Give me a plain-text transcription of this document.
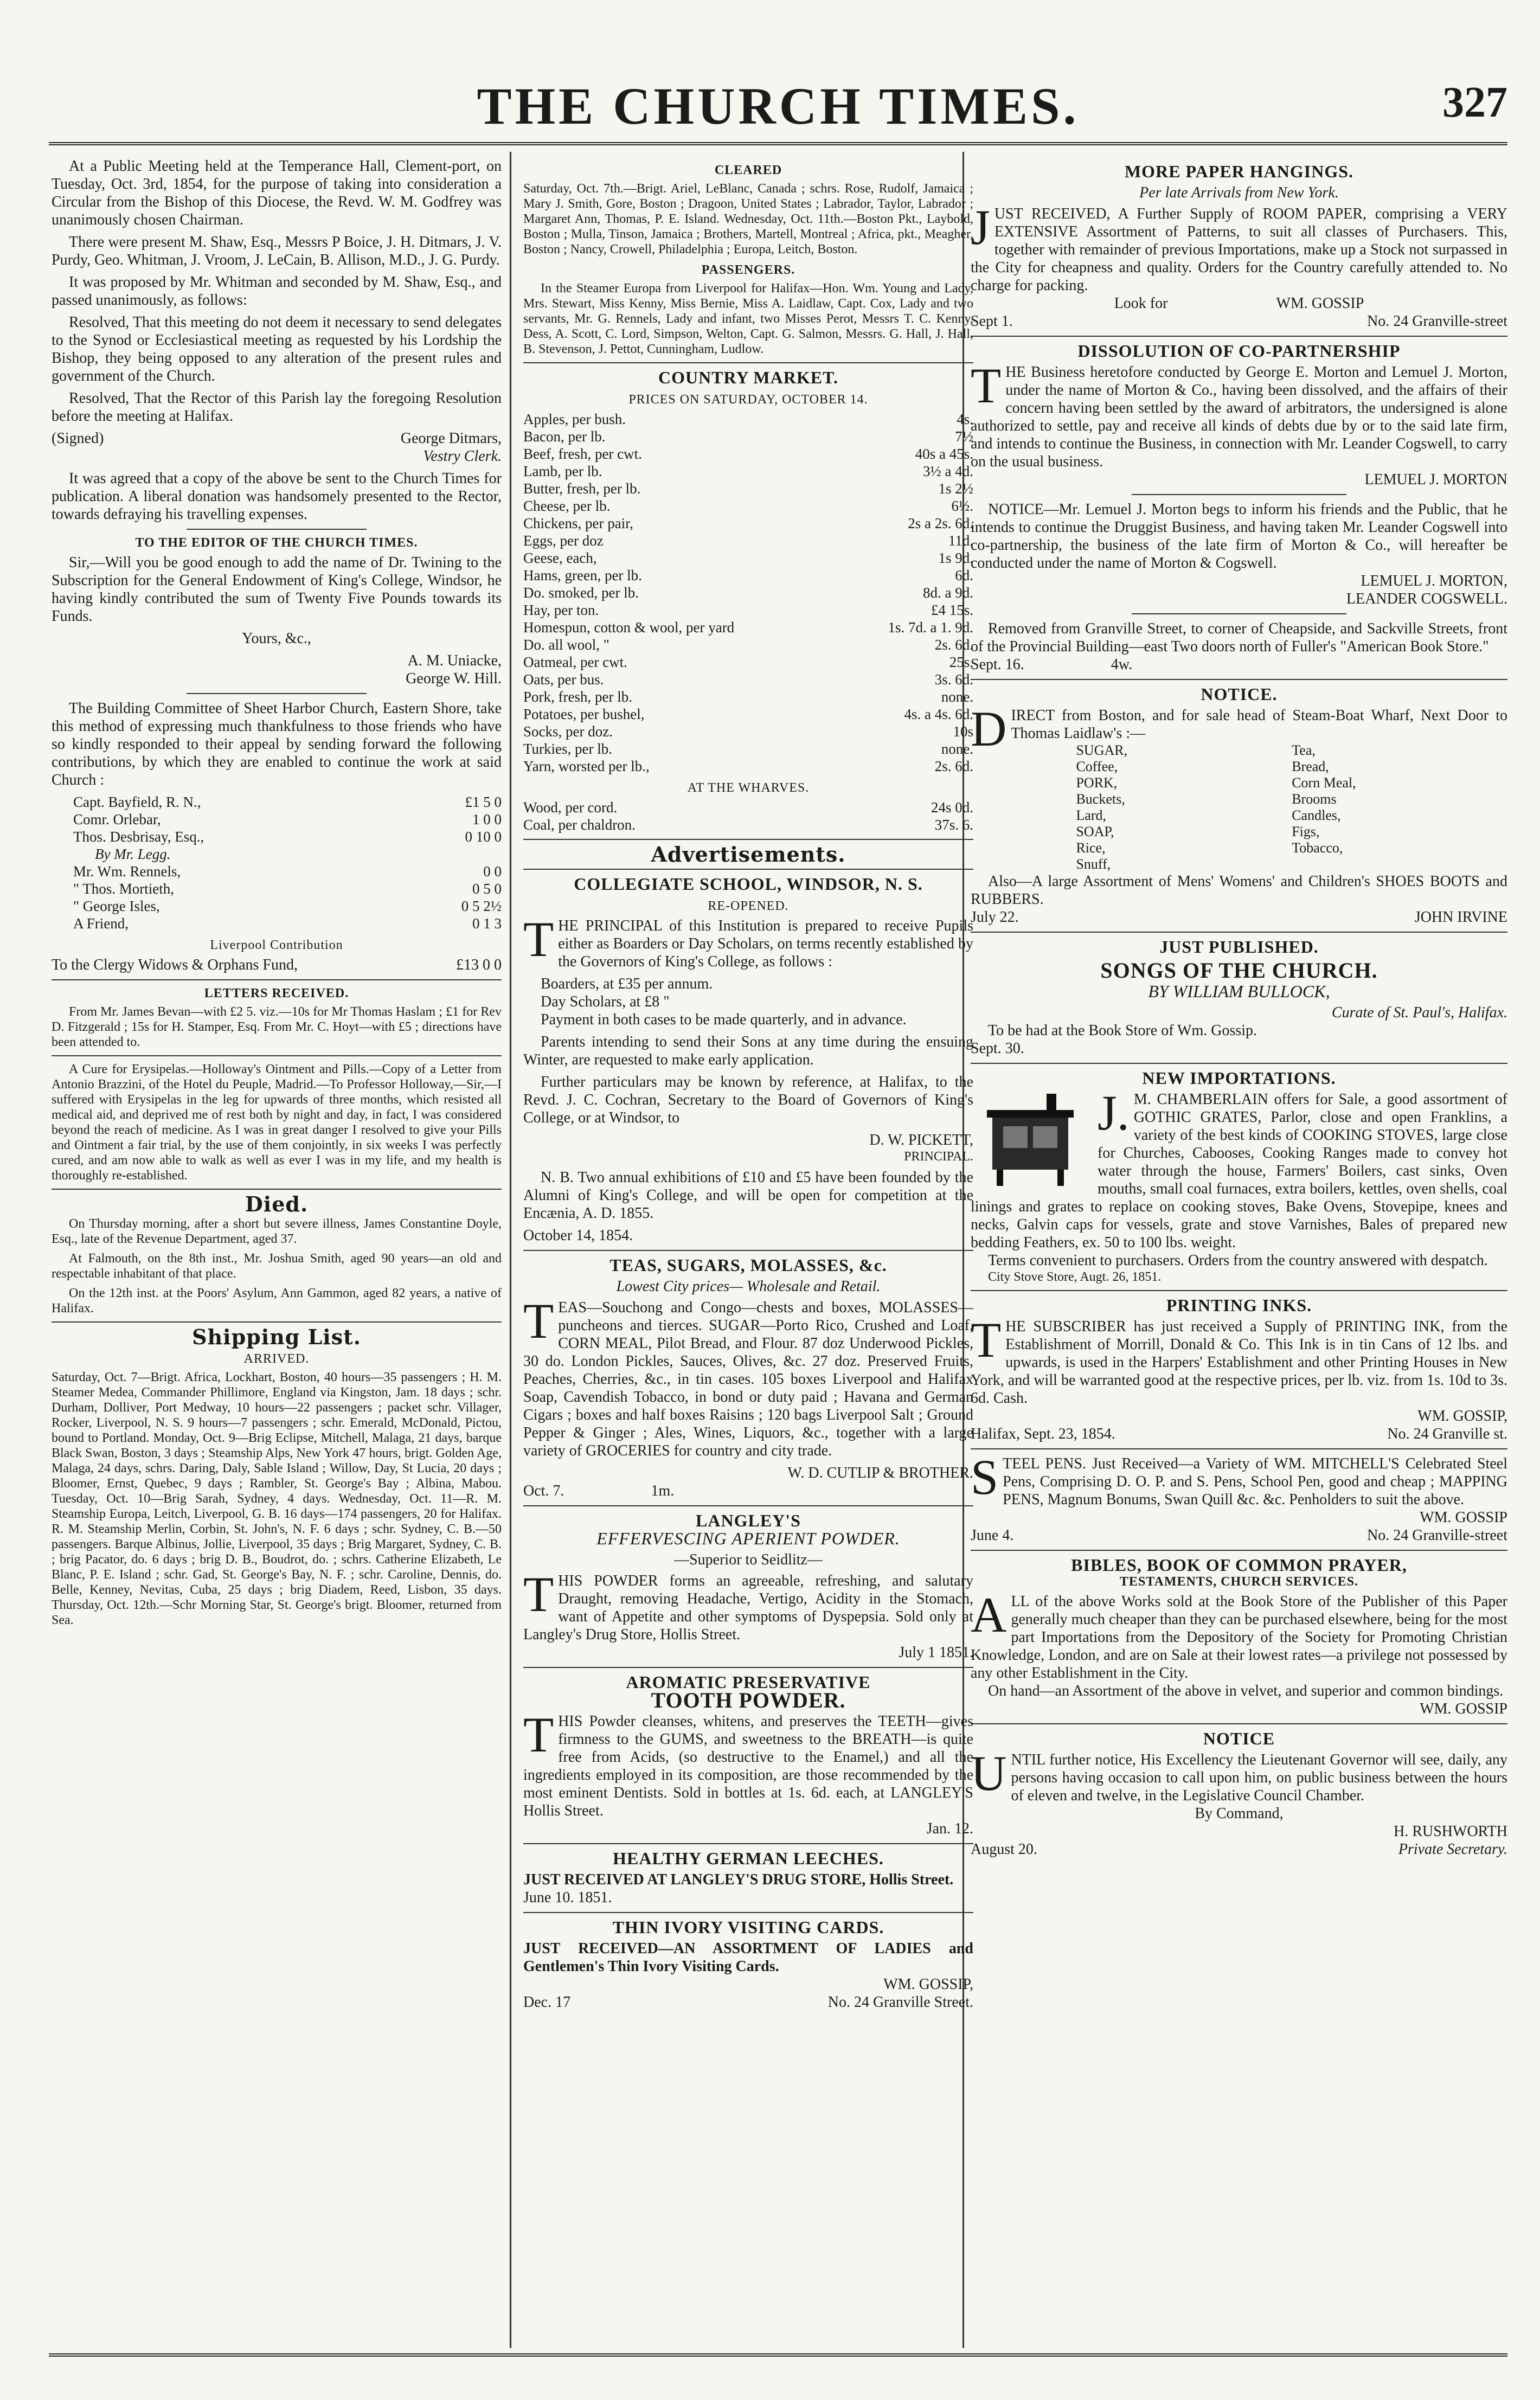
THE CHURCH TIMES.	327

At a Public Meeting held at the Temperance Hall, Clement-port, on Tuesday, Oct. 3rd, 1854, for the purpose of taking into consideration a Circular from the Bishop of this Diocese, the Revd. W. M. Godfrey was unanimously chosen Chairman.

There were present M. Shaw, Esq., Messrs P Boice, J. H. Ditmars, J. V. Purdy, Geo. Whitman, J. Vroom, J. LeCain, B. Allison, M.D., J. G. Purdy.

It was proposed by Mr. Whitman and seconded by M. Shaw, Esq., and passed unanimously, as follows:

Resolved, That this meeting do not deem it necessary to send delegates to the Synod or Ecclesiastical meeting as requested by his Lordship the Bishop, they being opposed to any alteration of the present rules and government of the Church.

Resolved, That the Rector of this Parish lay the foregoing Resolution before the meeting at Halifax.

(Signed)	George Ditmars,

Vestry Clerk.

It was agreed that a copy of the above be sent to the Church Times for publication. A liberal donation was handsomely presented to the Rector, towards defraying his travelling expenses.

TO THE EDITOR OF THE CHURCH TIMES.

Sir,—Will you be good enough to add the name of Dr. Twining to the Subscription for the General Endowment of King's College, Windsor, he having kindly contributed the sum of Twenty Five Pounds towards its Funds.

Yours, &c.,

A. M. Uniacke,

George W. Hill.

The Building Committee of Sheet Harbor Church, Eastern Shore, take this method of expressing much thankfulness to those friends who have so kindly responded to their appeal by sending forward the following contributions, by which they are enabled to continue the work at said Church :

Capt. Bayfield, R. N.,	£1 5 0
Comr. Orlebar,	1 0 0
Thos. Desbrisay, Esq.,	0 10 0
By Mr. Legg.	
Mr. Wm. Rennels,	0 0
" Thos. Mortieth,	0 5 0
" George Isles,	0 5 2½
A Friend,	0 1 3
Liverpool Contribution
To the Clergy Widows & Orphans Fund,	£13 0 0
LETTERS RECEIVED.

From Mr. James Bevan—with £2 5. viz.—10s for Mr Thomas Haslam ; £1 for Rev D. Fitzgerald ; 15s for H. Stamper, Esq. From Mr. C. Hoyt—with £5 ; directions have been attended to.

A Cure for Erysipelas.—Holloway's Ointment and Pills.—Copy of a Letter from Antonio Brazzini, of the Hotel du Peuple, Madrid.—To Professor Holloway,—Sir,—I suffered with Erysipelas in the leg for upwards of three months, which resisted all medical aid, and deprived me of rest both by night and day, in fact, I was considered beyond the reach of medicine. As I was in great danger I resolved to give your Pills and Ointment a fair trial, by the use of them conjointly, in six weeks I was perfectly cured, and am now able to walk as well as ever I was in my life, and my health is thoroughly re-established.

Died.

On Thursday morning, after a short but severe illness, James Constantine Doyle, Esq., late of the Revenue Department, aged 37.

At Falmouth, on the 8th inst., Mr. Joshua Smith, aged 90 years—an old and respectable inhabitant of that place.

On the 12th inst. at the Poors' Asylum, Ann Gammon, aged 82 years, a native of Halifax.

Shipping List.
ARRIVED.

Saturday, Oct. 7—Brigt. Africa, Lockhart, Boston, 40 hours—35 passengers ; H. M. Steamer Medea, Commander Phillimore, England via Kingston, Jam. 18 days ; schr. Durham, Dolliver, Port Medway, 10 hours—22 passengers ; packet schr. Villager, Rocker, Liverpool, N. S. 9 hours—7 passengers ; schr. Emerald, McDonald, Pictou, bound to Portland. Monday, Oct. 9—Brig Eclipse, Mitchell, Malaga, 21 days, barque Black Swan, Boston, 3 days ; Steamship Alps, New York 47 hours, brigt. Golden Age, Malaga, 24 days, schrs. Daring, Daly, Sable Island ; Willow, Day, St Lucia, 20 days ; Bloomer, Ernst, Quebec, 9 days ; Rambler, St. George's Bay ; Albina, Mabou. Tuesday, Oct. 10—Brig Sarah, Sydney, 4 days. Wednesday, Oct. 11—R. M. Steamship Europa, Leitch, Liverpool, G. B. 16 days—174 passengers, 20 for Halifax. R. M. Steamship Merlin, Corbin, St. John's, N. F. 6 days ; schr. Sydney, C. B.—50 passengers. Barque Albinus, Jollie, Liverpool, 35 days ; Brig Margaret, Sydney, C. B. ; brig Pacator, do. 6 days ; brig D. B., Boudrot, do. ; schrs. Catherine Elizabeth, Le Blanc, P. E. Island ; schr. Gad, St. George's Bay, N. F. ; schr. Caroline, Dennis, do. Belle, Kenney, Nevitas, Cuba, 25 days ; brig Diadem, Reed, Lisbon, 35 days. Thursday, Oct. 12th.—Schr Morning Star, St. George's brigt. Bloomer, returned from Sea.

CLEARED

Saturday, Oct. 7th.—Brigt. Ariel, LeBlanc, Canada ; schrs. Rose, Rudolf, Jamaica ; Mary J. Smith, Gore, Boston ; Dragoon, United States ; Labrador, Taylor, Labrador ; Margaret Ann, Thomas, P. E. Island. Wednesday, Oct. 11th.—Boston Pkt., Laybold, Boston ; Mulla, Tinson, Jamaica ; Brothers, Martell, Montreal ; Africa, pkt., Meagher, Boston ; Nancy, Crowell, Philadelphia ; Europa, Leitch, Boston.

PASSENGERS.

In the Steamer Europa from Liverpool for Halifax—Hon. Wm. Young and Lady, Mrs. Stewart, Miss Kenny, Miss Bernie, Miss A. Laidlaw, Capt. Cox, Lady and two servants, Mr. G. Rennels, Lady and infant, two Misses Perot, Messrs T. C. Kenny, Dess, A. Scott, C. Lord, Simpson, Welton, Capt. G. Salmon, Messrs. G. Hall, J. Hall, B. Stevenson, J. Pettot, Cunningham, Ludlow.

COUNTRY MARKET.
PRICES ON SATURDAY, OCTOBER 14.
Apples, per bush.	4s.
Bacon, per lb.	7½
Beef, fresh, per cwt.	40s a 45s.
Lamb, per lb.	3½ a 4d.
Butter, fresh, per lb.	1s 2½
Cheese, per lb.	6½.
Chickens, per pair,	2s a 2s. 6d.
Eggs, per doz	11d.
Geese, each,	1s 9d.
Hams, green, per lb.	6d.
Do. smoked, per lb.	8d. a 9d.
Hay, per ton.	£4 15s.
Homespun, cotton & wool, per yard	1s. 7d. a 1. 9d.
Do. all wool, "	2s. 6d.
Oatmeal, per cwt.	25s.
Oats, per bus.	3s. 6d.
Pork, fresh, per lb.	none.
Potatoes, per bushel,	4s. a 4s. 6d.
Socks, per doz.	10s
Turkies, per lb.	none.
Yarn, worsted per lb.,	2s. 6d.
AT THE WHARVES.
Wood, per cord.	24s 0d.
Coal, per chaldron.	37s. 6.
Advertisements.
COLLEGIATE SCHOOL, WINDSOR, N. S.
RE-OPENED.

THE PRINCIPAL of this Institution is prepared to receive Pupils either as Boarders or Day Scholars, on terms recently established by the Governors of King's College, as follows :

Boarders, at £35 per annum.

Day Scholars, at £8 "

Payment in both cases to be made quarterly, and in advance.

Parents intending to send their Sons at any time during the ensuing Winter, are requested to make early application.

Further particulars may be known by reference, at Halifax, to the Revd. J. C. Cochran, Secretary to the Board of Governors of King's College, or at Windsor, to

D. W. PICKETT,

PRINCIPAL.

N. B. Two annual exhibitions of £10 and £5 have been founded by the Alumni of King's College, and will be open for competition at the Encænia, A. D. 1855.

October 14, 1854.

TEAS, SUGARS, MOLASSES, &c.
Lowest City prices— Wholesale and Retail.

TEAS—Souchong and Congo—chests and boxes, MOLASSES—puncheons and tierces. SUGAR—Porto Rico, Crushed and Loaf, CORN MEAL, Pilot Bread, and Flour. 87 doz Underwood Pickles, 30 do. London Pickles, Sauces, Olives, &c. 27 doz. Preserved Fruits, Peaches, Cherries, &c., in tin cases. 105 boxes Liverpool and Halifax Soap, Cavendish Tobacco, in bond or duty paid ; Havana and German Cigars ; boxes and half boxes Raisins ; 120 bags Liverpool Salt ; Ground Pepper & Ginger ; Ales, Wines, Liquors, &c., together with a large variety of GROCERIES for country and city trade.

W. D. CUTLIP & BROTHER.

Oct. 7.	1m.
LANGLEY'S
EFFERVESCING APERIENT POWDER.
—Superior to Seidlitz—

THIS POWDER forms an agreeable, refreshing, and salutary Draught, removing Headache, Vertigo, Acidity in the Stomach, want of Appetite and other symptoms of Dyspepsia. Sold only at Langley's Drug Store, Hollis Street.

July 1 1851.

AROMATIC PRESERVATIVE
TOOTH POWDER.

THIS Powder cleanses, whitens, and preserves the TEETH—gives firmness to the GUMS, and sweetness to the BREATH—is quite free from Acids, (so destructive to the Enamel,) and all the ingredients employed in its composition, are those recommended by the most eminent Dentists. Sold in bottles at 1s. 6d. each, at LANGLEY'S Hollis Street.

Jan. 12.

HEALTHY GERMAN LEECHES.

JUST RECEIVED AT LANGLEY'S DRUG STORE, Hollis Street.

June 10. 1851.

THIN IVORY VISITING CARDS.

JUST RECEIVED—AN ASSORTMENT OF LADIES and Gentlemen's Thin Ivory Visiting Cards.

WM. GOSSIP,

Dec. 17	No. 24 Granville Street.
MORE PAPER HANGINGS.
Per late Arrivals from New York.

JUST RECEIVED, A Further Supply of ROOM PAPER, comprising a VERY EXTENSIVE Assortment of Patterns, to suit all classes of Purchasers. This, together with remainder of previous Importations, make up a Stock not surpassed in the City for cheapness and quality. Orders for the Country carefully attended to. No charge for packing.

Look for	WM. GOSSIP
Sept 1.	No. 24 Granville-street
DISSOLUTION OF CO-PARTNERSHIP

THE Business heretofore conducted by George E. Morton and Lemuel J. Morton, under the name of Morton & Co., having been dissolved, and the affairs of their concern having been settled by the award of arbitrators, the undersigned is alone authorized to settle, pay and receive all kinds of debts due by or to the said late firm, and intends to continue the Business, in connection with Mr. Leander Cogswell, to carry on the usual business.

LEMUEL J. MORTON

NOTICE—Mr. Lemuel J. Morton begs to inform his friends and the Public, that he intends to continue the Druggist Business, and having taken Mr. Leander Cogswell into co-partnership, the business of the late firm of Morton & Co., will hereafter be conducted under the name of Morton & Cogswell.

LEMUEL J. MORTON,

LEANDER COGSWELL.

Removed from Granville Street, to corner of Cheapside, and Sackville Streets, front of the Provincial Building—east Two doors north of Fuller's "American Book Store."

Sept. 16.	4w.
NOTICE.

DIRECT from Boston, and for sale head of Steam-Boat Wharf, Next Door to Thomas Laidlaw's :—

SUGAR,	Tea,
Coffee,	Bread,
PORK,	Corn Meal,
Buckets,	Brooms
Lard,	Candles,
SOAP,	Figs,
Rice,	Tobacco,
Snuff,

Also—A large Assortment of Mens' Womens' and Children's SHOES BOOTS and RUBBERS.

July 22.	JOHN IRVINE
JUST PUBLISHED.
SONGS OF THE CHURCH.
BY WILLIAM BULLOCK,

Curate of St. Paul's, Halifax.

To be had at the Book Store of Wm. Gossip.

Sept. 30.

NEW IMPORTATIONS.

J.M. CHAMBERLAIN offers for Sale, a good assortment of GOTHIC GRATES, Parlor, close and open Franklins, a variety of the best kinds of COOKING STOVES, large close for Churches, Cabooses, Cooking Ranges made to convey hot water through the house, Farmers' Boilers, cast sinks, Oven mouths, small coal furnaces, extra boilers, kettles, oven shells, coal linings and grates to replace on cooking stoves, Bake Ovens, Stovepipe, knees and necks, Galvin caps for vessels, grate and stove Varnishes, Bales of prepared new bedding Feathers, ex. 50 to 100 lbs. weight.

Terms convenient to purchasers. Orders from the country answered with despatch.

City Stove Store, Augt. 26, 1851.

PRINTING INKS.

THE SUBSCRIBER has just received a Supply of PRINTING INK, from the Establishment of Morrill, Donald & Co. This Ink is in tin Cans of 12 lbs. and upwards, is used in the Harpers' Establishment and other Printing Houses in New York, and will be warranted good at the respective prices, per lb. viz. from 1s. 10d to 3s. 6d. Cash.

WM. GOSSIP,

Halifax, Sept. 23, 1854.	No. 24 Granville st.

STEEL PENS. Just Received—a Variety of WM. MITCHELL'S Celebrated Steel Pens, Comprising D. O. P. and S. Pens, School Pen, good and cheap ; MAPPING PENS, Magnum Bonums, Swan Quill &c. &c. Penholders to suit the above.

WM. GOSSIP

June 4.	No. 24 Granville-street
BIBLES, BOOK OF COMMON PRAYER,
TESTAMENTS, CHURCH SERVICES.

ALL of the above Works sold at the Book Store of the Publisher of this Paper generally much cheaper than they can be purchased elsewhere, being for the most part Importations from the Depository of the Society for Promoting Christian Knowledge, London, and are on Sale at their lowest rates—a privilege not possessed by any other Establishment in the City.

On hand—an Assortment of the above in velvet, and superior and common bindings.

WM. GOSSIP

NOTICE

UNTIL further notice, His Excellency the Lieutenant Governor will see, daily, any persons having occasion to call upon him, on public business between the hours of eleven and twelve, in the Legislative Council Chamber.

By Command,

H. RUSHWORTH

August 20.	Private Secretary.
